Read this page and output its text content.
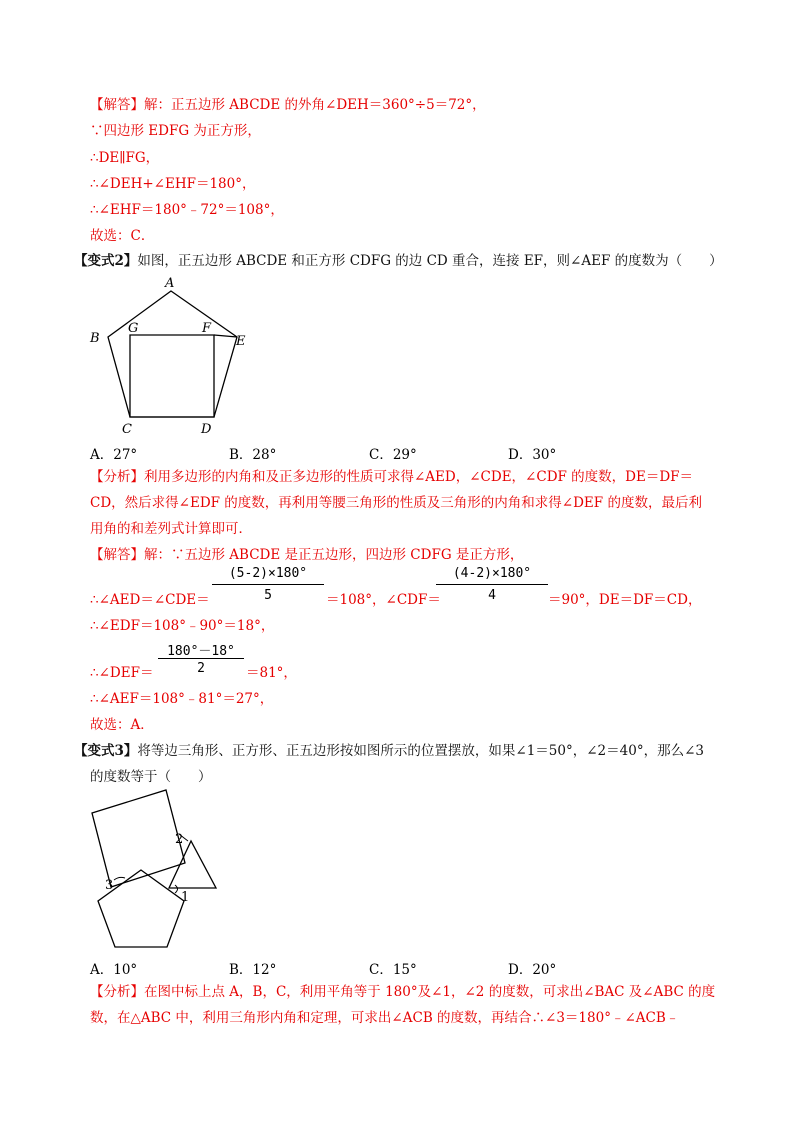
【解答】解：正五边形 ABCDE 的外角∠DEH＝360°÷5＝72°，
∵四边形 EDFG 为正方形，
∴DE∥FG，
∴∠DEH+∠EHF＝180°，
∴∠EHF＝180°﹣72°＝108°，
故选：C．
【变式2】如图，正五边形 ABCDE 和正方形 CDFG 的边 CD 重合，连接 EF，则∠AEF 的度数为（　　）
A
B
G	F
E
C	D
A．27°	B．28°	C．29°	D．30°
【分析】利用多边形的内角和及正多边形的性质可求得∠AED，∠CDE，∠CDF 的度数，DE＝DF＝
CD，然后求得∠EDF 的度数，再利用等腰三角形的性质及三角形的内角和求得∠DEF 的度数，最后利
用角的和差列式计算即可．
【解答】解：∵五边形 ABCDE 是正五边形，四边形 CDFG 是正方形，
(5-2)×180°
5
(4-2)×180°
4
∴∠AED＝∠CDE＝	＝108°，∠CDF＝	＝90°，DE＝DF＝CD，
∴∠EDF＝108°﹣90°＝18°，
180°－18°
2
∴∠DEF＝	＝81°，
∴∠AEF＝108°﹣81°＝27°，
故选：A．
【变式3】将等边三角形、正方形、正五边形按如图所示的位置摆放，如果∠1＝50°，∠2＝40°，那么∠3
的度数等于（　　）
2
3
1
A．10°	B．12°	C．15°	D．20°
【分析】在图中标上点 A，B，C，利用平角等于 180°及∠1，∠2 的度数，可求出∠BAC 及∠ABC 的度
数，在△ABC 中，利用三角形内角和定理，可求出∠ACB 的度数，再结合∴∠3＝180°﹣∠ACB﹣
